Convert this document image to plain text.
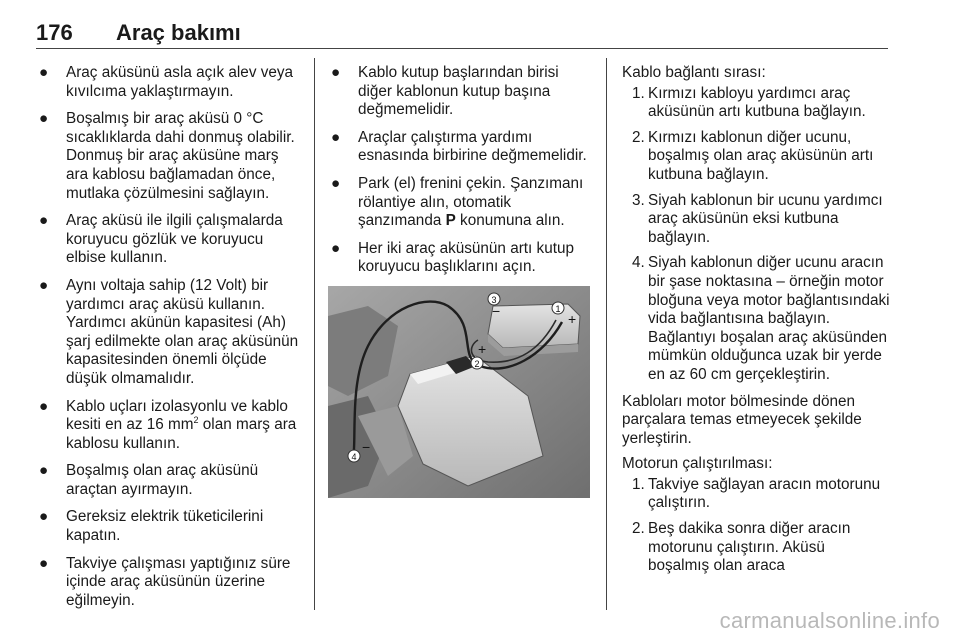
176 Araç bakımı
● Araç aküsünü asla açık alev veya kıvılcıma yaklaştırmayın.
● Boşalmış bir araç aküsü 0 °C sıcaklıklarda dahi donmuş olabilir. Donmuş bir araç aküsüne marş ara kablosu bağlamadan önce, mutlaka çözülmesini sağlayın.
● Araç aküsü ile ilgili çalışmalarda koruyucu gözlük ve koruyucu elbise kullanın.
● Aynı voltaja sahip (12 Volt) bir yardımcı araç aküsü kullanın. Yardımcı akünün kapasitesi (Ah) şarj edilmekte olan araç aküsünün kapasitesinden önemli ölçüde düşük olmamalıdır.
● Kablo uçları izolasyonlu ve kablo kesiti en az 16 $mm^2$ olan marş ara kablosu kullanın.
● Boşalmış olan araç aküsünü araçtan ayırmayın.
● Gereksiz elektrik tüketicilerini kapatın.
● Takviye çalışması yaptığınız süre içinde araç aküsünün üzerine eğilmeyin.
● Kablo kutup başlarından birisi diğer kablonun kutup başına değmemelidir.
● Araçlar çalıştırma yardımı esnasında birbirine değmemelidir.
● Park (el) frenini çekin. Şanzımanı rölantiye alın, otomatik şanzımanda P konumuna alın.
● Her iki araç aküsünün artı kutup koruyucu başlıklarını açın.
1
+
2
+
3
−
4
−
Kablo bağlantı sırası:
1. Kırmızı kabloyu yardımcı araç aküsünün artı kutbuna bağlayın.
2. Kırmızı kablonun diğer ucunu, boşalmış olan araç aküsünün artı kutbuna bağlayın.
3. Siyah kablonun bir ucunu yardımcı araç aküsünün eksi kutbuna bağlayın.
4. Siyah kablonun diğer ucunu aracın bir şase noktasına – örneğin motor bloğuna veya motor bağlantısındaki vida bağlantısına bağlayın. Bağlantıyı boşalan araç aküsünden mümkün olduğunca uzak bir yerde en az 60 cm gerçekleştirin.
Kabloları motor bölmesinde dönen parçalara temas etmeyecek şekilde yerleştirin.
Motorun çalıştırılması:
1. Takviye sağlayan aracın motorunu çalıştırın.
2. Beş dakika sonra diğer aracın motorunu çalıştırın. Aküsü boşalmış olan araca
carmanualsonline.info
